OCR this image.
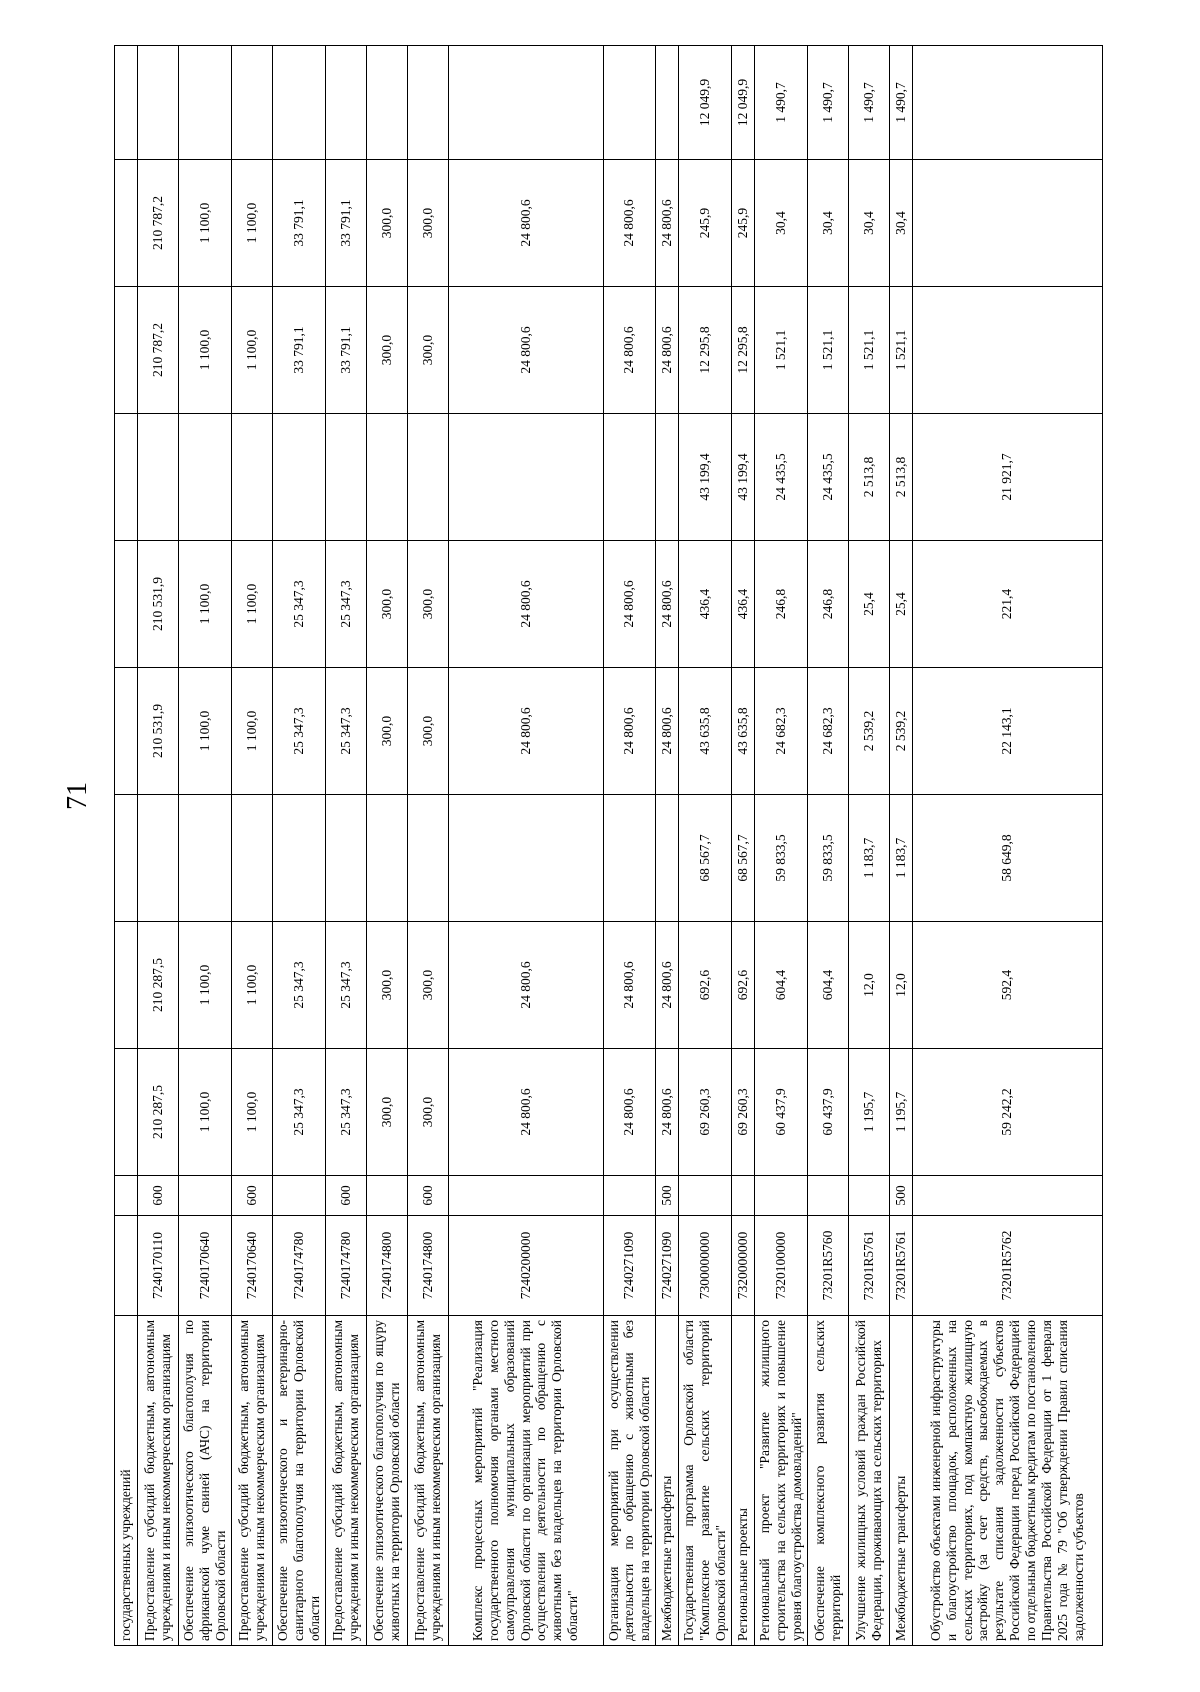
71
государственных учреждений											
Предоставление субсидий бюджетным, автономным учреждениям и иным некоммерческим организациям	7240170110	600	210 287,5	210 287,5		210 531,9	210 531,9		210 787,2	210 787,2	
Обеспечение эпизоотического благополучия по африканской чуме свиней (АЧС) на территории Орловской области	7240170640		1 100,0	1 100,0		1 100,0	1 100,0		1 100,0	1 100,0	
Предоставление субсидий бюджетным, автономным учреждениям и иным некоммерческим организациям	7240170640	600	1 100,0	1 100,0		1 100,0	1 100,0		1 100,0	1 100,0	
Обеспечение эпизоотического и ветеринарно-санитарного благополучия на территории Орловской области	7240174780		25 347,3	25 347,3		25 347,3	25 347,3		33 791,1	33 791,1	
Предоставление субсидий бюджетным, автономным учреждениям и иным некоммерческим организациям	7240174780	600	25 347,3	25 347,3		25 347,3	25 347,3		33 791,1	33 791,1	
Обеспечение эпизоотического благополучия по ящуру животных на территории Орловской области	7240174800		300,0	300,0		300,0	300,0		300,0	300,0	
Предоставление субсидий бюджетным, автономным учреждениям и иным некоммерческим организациям	7240174800	600	300,0	300,0		300,0	300,0		300,0	300,0	
Комплекс процессных мероприятий "Реализация государственного полномочия органами местного самоуправления муниципальных образований Орловской области по организации мероприятий при осуществлении деятельности по обращению с животными без владельцев на территории Орловской области"	7240200000		24 800,6	24 800,6		24 800,6	24 800,6		24 800,6	24 800,6	
Организация мероприятий при осуществлении деятельности по обращению с животными без владельцев на территории Орловской области	7240271090		24 800,6	24 800,6		24 800,6	24 800,6		24 800,6	24 800,6	
Межбюджетные трансферты	7240271090	500	24 800,6	24 800,6		24 800,6	24 800,6		24 800,6	24 800,6	
Государственная программа Орловской области "Комплексное развитие сельских территорий Орловской области"	7300000000		69 260,3	692,6	68 567,7	43 635,8	436,4	43 199,4	12 295,8	245,9	12 049,9
Региональные проекты	7320000000		69 260,3	692,6	68 567,7	43 635,8	436,4	43 199,4	12 295,8	245,9	12 049,9
Региональный проект "Развитие жилищного строительства на сельских территориях и повышение уровня благоустройства домовладений"	7320100000		60 437,9	604,4	59 833,5	24 682,3	246,8	24 435,5	1 521,1	30,4	1 490,7
Обеспечение комплексного развития сельских территорий	73201R5760		60 437,9	604,4	59 833,5	24 682,3	246,8	24 435,5	1 521,1	30,4	1 490,7
Улучшение жилищных условий граждан Российской Федерации, проживающих на сельских территориях	73201R5761		1 195,7	12,0	1 183,7	2 539,2	25,4	2 513,8	1 521,1	30,4	1 490,7
Межбюджетные трансферты	73201R5761	500	1 195,7	12,0	1 183,7	2 539,2	25,4	2 513,8	1 521,1	30,4	1 490,7
Обустройство объектами инженерной инфраструктуры и благоустройство площадок, расположенных на сельских территориях, под компактную жилищную застройку (за счет средств, высвобождаемых в результате списания задолженности субъектов Российской Федерации перед Российской Федерацией по отдельным бюджетным кредитам по постановлению Правительства Российской Федерации от 1 февраля 2025 года № 79 "Об утверждении Правил списания задолженности субъектов	73201R5762		59 242,2	592,4	58 649,8	22 143,1	221,4	21 921,7			
